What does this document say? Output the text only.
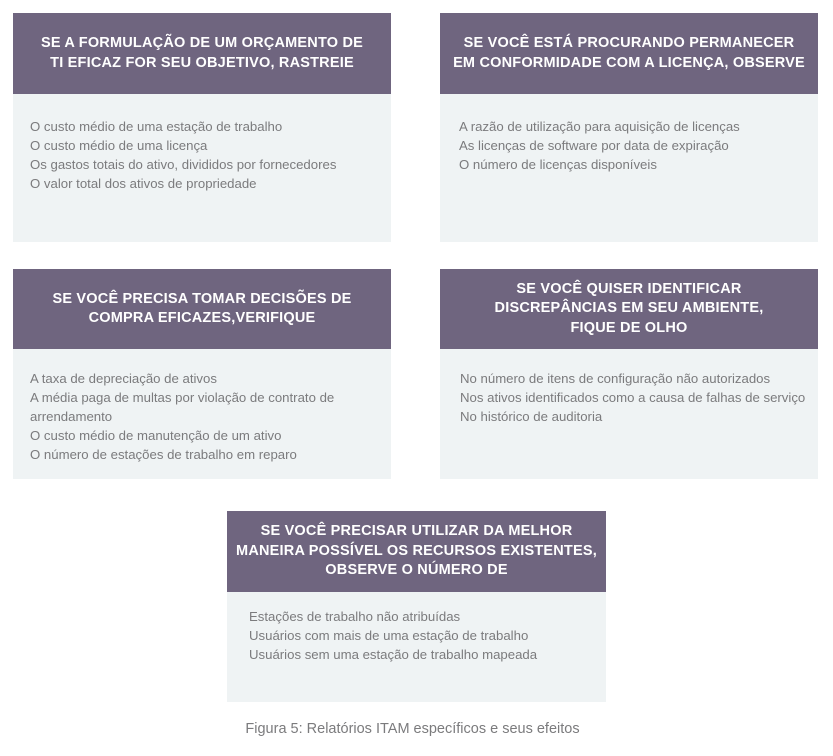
SE A FORMULAÇÃO DE UM ORÇAMENTO DE
TI EFICAZ FOR SEU OBJETIVO, RASTREIE
O custo médio de uma estação de trabalho
O custo médio de uma licença
Os gastos totais do ativo, divididos por fornecedores
O valor total dos ativos de propriedade
SE VOCÊ ESTÁ PROCURANDO PERMANECER
EM CONFORMIDADE COM A LICENÇA, OBSERVE
A razão de utilização para aquisição de licenças
As licenças de software por data de expiração
O número de licenças disponíveis
SE VOCÊ PRECISA TOMAR DECISÕES DE
COMPRA EFICAZES,VERIFIQUE
A taxa de depreciação de ativos
A média paga de multas por violação de contrato de arrendamento
O custo médio de manutenção de um ativo
O número de estações de trabalho em reparo
SE VOCÊ QUISER IDENTIFICAR
DISCREPÂNCIAS EM SEU AMBIENTE,
FIQUE DE OLHO
No número de itens de configuração não autorizados
Nos ativos identificados como a causa de falhas de serviço
No histórico de auditoria
SE VOCÊ PRECISAR UTILIZAR DA MELHOR
MANEIRA POSSÍVEL OS RECURSOS EXISTENTES,
OBSERVE O NÚMERO DE
Estações de trabalho não atribuídas
Usuários com mais de uma estação de trabalho
Usuários sem uma estação de trabalho mapeada
Figura 5: Relatórios ITAM específicos e seus efeitos
